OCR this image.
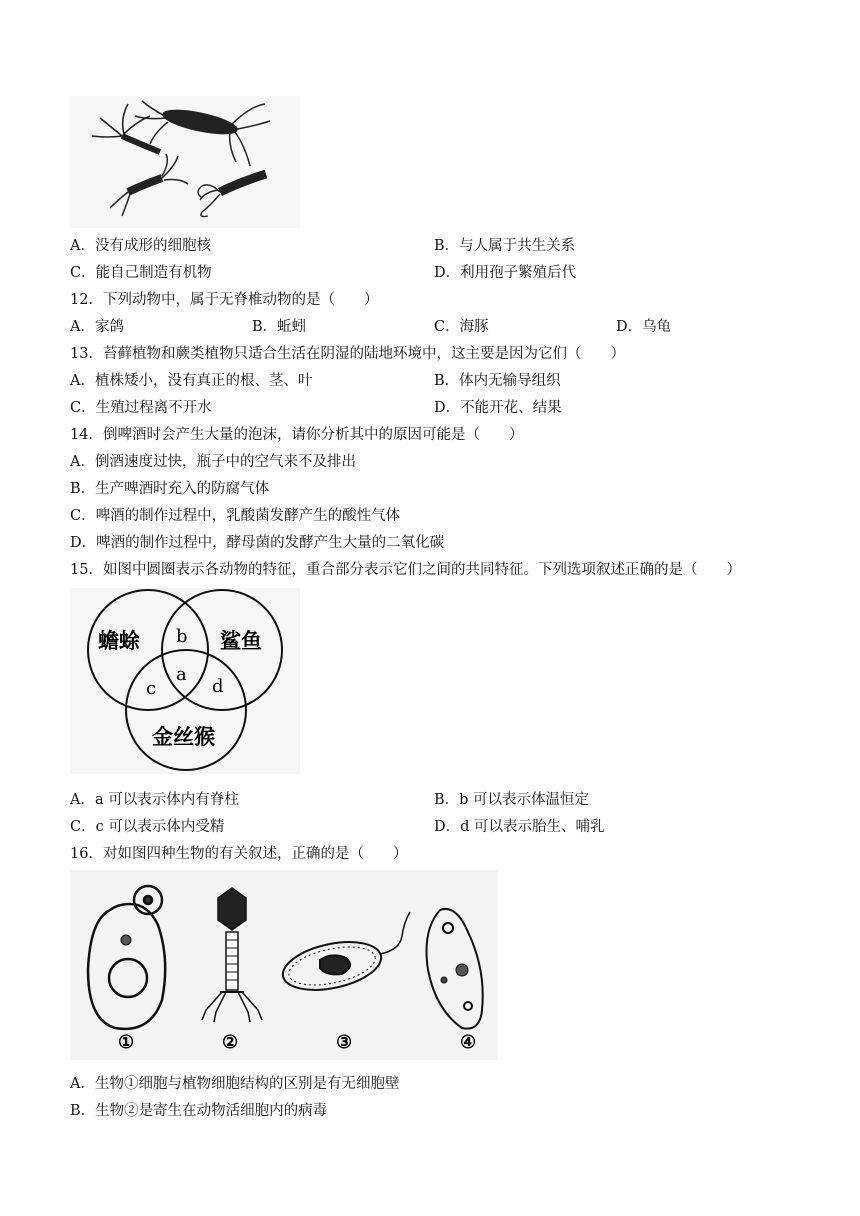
A．没有成形的细胞核	B．与人属于共生关系
C．能自己制造有机物	D．利用孢子繁殖后代
12．下列动物中，属于无脊椎动物的是（　　）
A．家鸽	B．蚯蚓	C．海豚	D．乌龟
13．苔藓植物和蕨类植物只适合生活在阴湿的陆地环境中，这主要是因为它们（　　）
A．植株矮小，没有真正的根、茎、叶	B．体内无输导组织
C．生殖过程离不开水	D．不能开花、结果
14．倒啤酒时会产生大量的泡沫，请你分析其中的原因可能是（　　）
A．倒酒速度过快，瓶子中的空气来不及排出
B．生产啤酒时充入的防腐气体
C．啤酒的制作过程中，乳酸菌发酵产生的酸性气体
D．啤酒的制作过程中，酵母菌的发酵产生大量的二氧化碳
15．如图中圆圈表示各动物的特征，重合部分表示它们之间的共同特征。下列选项叙述正确的是（　　）
蟾蜍	鲨鱼
金丝猴
b
a
c	d
A．a 可以表示体内有脊柱	B．b 可以表示体温恒定
C．c 可以表示体内受精	D．d 可以表示胎生、哺乳
16．对如图四种生物的有关叙述，正确的是（　　）
①	②	③	④
A．生物①细胞与植物细胞结构的区别是有无细胞壁
B．生物②是寄生在动物活细胞内的病毒
